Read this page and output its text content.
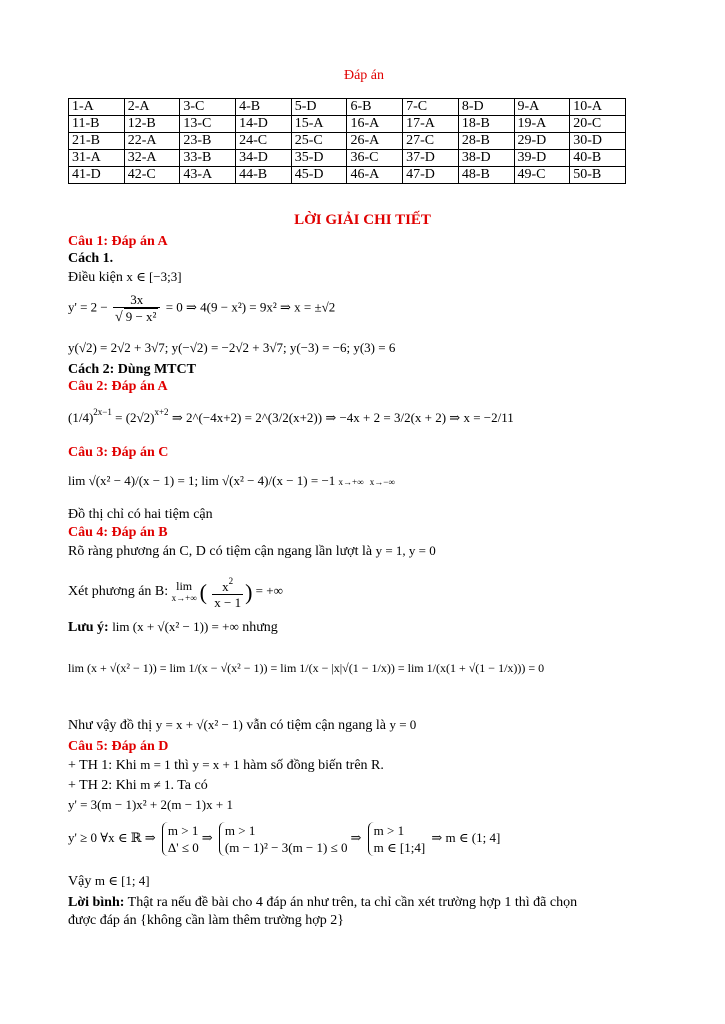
Đáp án
1-A	2-A	3-C	4-B	5-D	6-B	7-C	8-D	9-A	10-A
11-B	12-B	13-C	14-D	15-A	16-A	17-A	18-B	19-A	20-C
21-B	22-A	23-B	24-C	25-C	26-A	27-C	28-B	29-D	30-D
31-A	32-A	33-B	34-D	35-D	36-C	37-D	38-D	39-D	40-B
41-D	42-C	43-A	44-B	45-D	46-A	47-D	48-B	49-C	50-B
LỜI GIẢI CHI TIẾT
Câu 1: Đáp án A
Cách 1.
Điều kiện x ∈ [−3;3]
$y' = 2 - \frac{3x}{\text{√ 9 − x²}} = 0$ ⇒ 4(9 − x²) = 9x² ⇒ x = ±√2
y(√2) = 2√2 + 3√7; y(−√2) = −2√2 + 3√7; y(−3) = −6; y(3) = 6
Cách 2: Dùng MTCT
Câu 2: Đáp án A
$(1/4)^{2x-1} = (2√2)^{x+2}$ ⇒ 2^(−4x+2) = 2^(3/2(x+2)) ⇒ −4x + 2 = 3/2(x + 2) ⇒ x = −2/11
Câu 3: Đáp án C
lim √(x² − 4)/(x − 1) = 1; lim √(x² − 4)/(x − 1) = −1 x→+∞
x→−∞
Đồ thị chỉ có hai tiệm cận
Câu 4: Đáp án B
Rõ ràng phương án C, D có tiệm cận ngang lần lượt là y = 1, y = 0
Xét phương án B: lim
x→+∞ ( $\frac{x^2}{x - 1}$ ) = +∞
Lưu ý: lim (x + √(x² − 1)) = +∞ nhưng
lim (x + √(x² − 1)) = lim 1/(x − √(x² − 1)) = lim 1/(x − |x|√(1 − 1/x)) = lim 1/(x(1 + √(1 − 1/x))) = 0
Như vậy đồ thị y = x + √(x² − 1) vẫn có tiệm cận ngang là y = 0
Câu 5: Đáp án D
+ TH 1: Khi m = 1 thì y = x + 1 hàm số đồng biến trên R.
+ TH 2: Khi m ≠ 1. Ta có
y' = 3(m − 1)x² + 2(m − 1)x + 1
y' ≥ 0 ∀x ∈ ℝ ⇒ m > 1
Δ' ≤ 0
⇒ m > 1
(m − 1)² − 3(m − 1) ≤ 0
⇒ m > 1
m ∈ [1;4]
⇒ m ∈ (1; 4]
Vậy m ∈ [1; 4]
Lời bình: Thật ra nếu đề bài cho 4 đáp án như trên, ta chỉ cần xét trường hợp 1 thì đã chọn
được đáp án {không cần làm thêm trường hợp 2}
